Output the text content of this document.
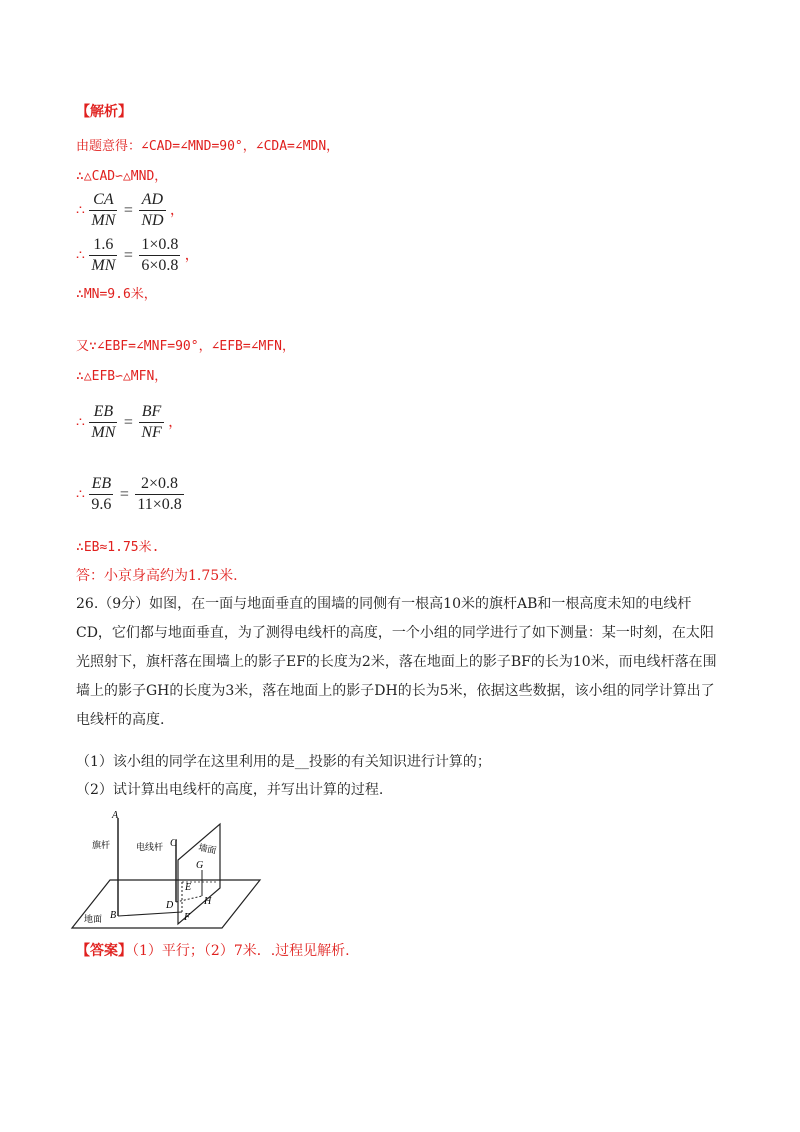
【解析】
由题意得：∠CAD=∠MND=90°，∠CDA=∠MDN，
∴△CAD∽△MND，
∴ $\frac{CA}{MN} = \frac{AD}{ND}$ ，
∴ $\frac{1.6}{MN} = \frac{1\times 0.8}{6\times 0.8}$ ，
∴MN=9.6米，
又∵∠EBF=∠MNF=90°，∠EFB=∠MFN，
∴△EFB∽△MFN，
∴ $\frac{EB}{MN} = \frac{BF}{NF}$ ，
∴ $\frac{EB}{9.6} = \frac{2\times 0.8}{11\times 0.8}$
∴EB≈1.75米.
答：小京身高约为1.75米.
26.（9分）如图，在一面与地面垂直的围墙的同侧有一根高10米的旗杆AB和一根高度未知的电线杆CD，它们都与地面垂直，为了测得电线杆的高度，一个小组的同学进行了如下测量：某一时刻，在太阳光照射下，旗杆落在围墙上的影子EF的长度为2米，落在地面上的影子BF的长为10米，而电线杆落在围墙上的影子GH的长度为3米，落在地面上的影子DH的长为5米，依据这些数据，该小组的同学计算出了电线杆的高度.
（1）该小组的同学在这里利用的是__投影的有关知识进行计算的；
（2）试计算出电线杆的高度，并写出计算的过程.
A
B
C
D
E
F
G
H
旗杆	电线杆	墙面
地面
【答案】（1）平行；（2）7米．.过程见解析.
